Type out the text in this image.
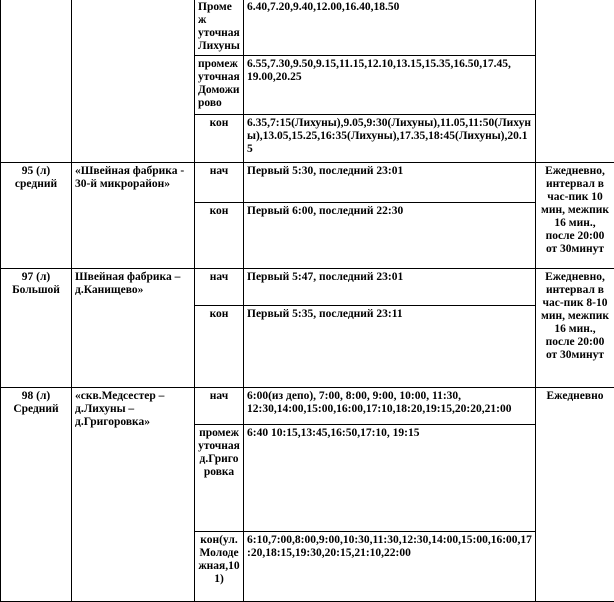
		Промеж уточная Лихуны	6.40,7.20,9.40,12.00,16.40,18.50	
		промеж уточная Доможи рово	6.55,7.30,9.50,9.15,11.15,12.10,13.15,15.35,16.50,17.45, 19.00,20.25	
		кон	6.35,7:15(Лихуны),9.05,9:30(Лихуны),11.05,11:50(Лихуны),13.05,15.25,16:35(Лихуны),17.35,18:45(Лихуны),20.15	
95 (л) средний	«Швейная фабрика - 30-й микрорайон»	нач	Первый 5:30, последний 23:01	Ежедневно, интервал в час-пик 10 мин, межпик 16 мин., после 20:00 от 30минут
		кон	Первый 6:00, последний 22:30	
97 (л) Большой	Швейная фабрика – д.Канищево»	нач	Первый 5:47, последний 23:01	Ежедневно, интервал в час-пик 8-10 мин, межпик 16 мин., после 20:00 от 30минут
		кон	Первый 5:35, последний 23:11	
98 (л) Средний	«скв.Медсестер – д.Лихуны – д.Григоровка»	нач	6:00(из депо), 7:00, 8:00, 9:00, 10:00, 11:30, 12:30,14:00,15:00,16:00,17:10,18:20,19:15,20:20,21:00	Ежедневно
		промеж уточная д.Григо ровка	6:40 10:15,13:45,16:50,17:10, 19:15	
		кон(ул. Молоде жная,10 1)	6:10,7:00,8:00,9:00,10:30,11:30,12:30,14:00,15:00,16:00,17:20,18:15,19:30,20:15,21:10,22:00	
